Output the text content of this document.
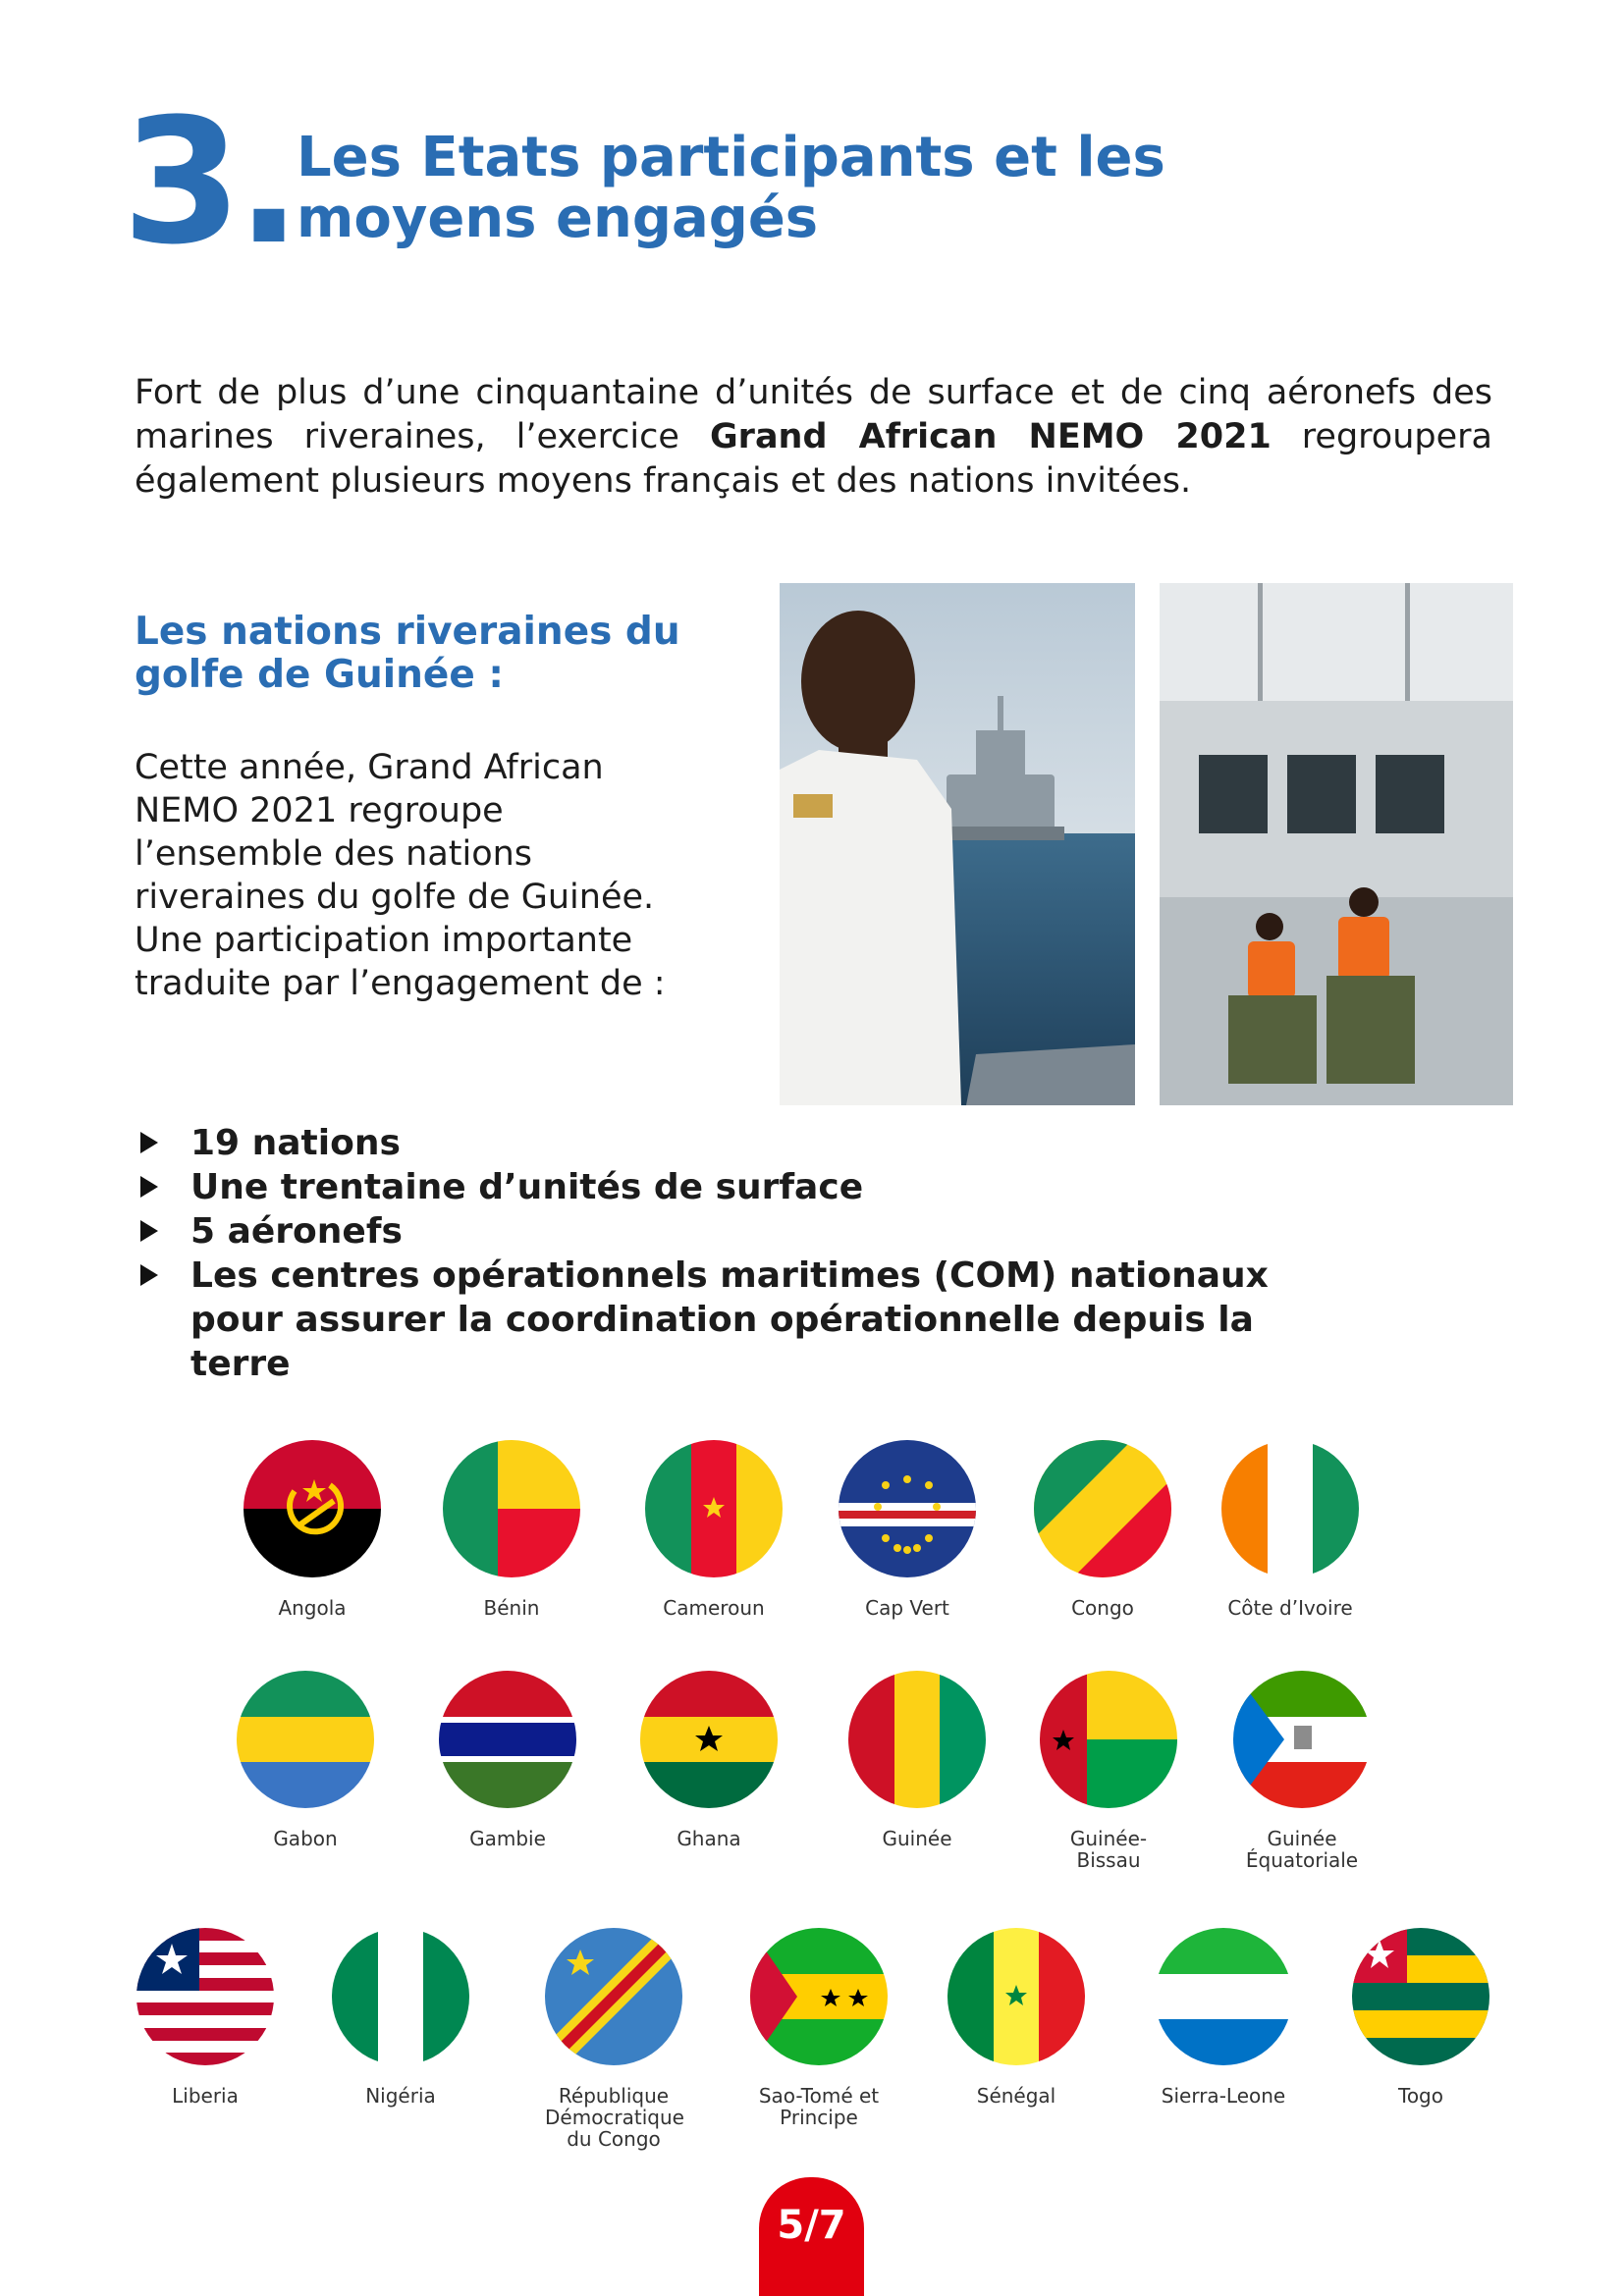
3. Les Etats participants et les
moyens engagés

Fort de plus d’une cinquantaine d’unités de surface et de cinq aéronefs des marines riveraines, l’exercice Grand African NEMO 2021 regroupera également plusieurs moyens français et des nations invitées.

Les nations riveraines du
golfe de Guinée :

Cette année, Grand African NEMO 2021 regroupe l’ensemble des nations riveraines du golfe de Guinée. Une participation importante traduite par l’engagement de :

19 nations
Une trentaine d’unités de surface
5 aéronefs
Les centres opérationnels maritimes (COM) nationaux pour assurer la coordination opérationnelle depuis la terre
Angola	Bénin	Cameroun	Cap Vert	Congo	Côte d’Ivoire
Gabon	Gambie	Ghana	Guinée	Guinée-Bissau
Guinée Équatoriale
Liberia	Nigéria	République Démocratique du Congo
Sao-Tomé et Principe
Sénégal	Sierra-Leone	Togo
5/7
